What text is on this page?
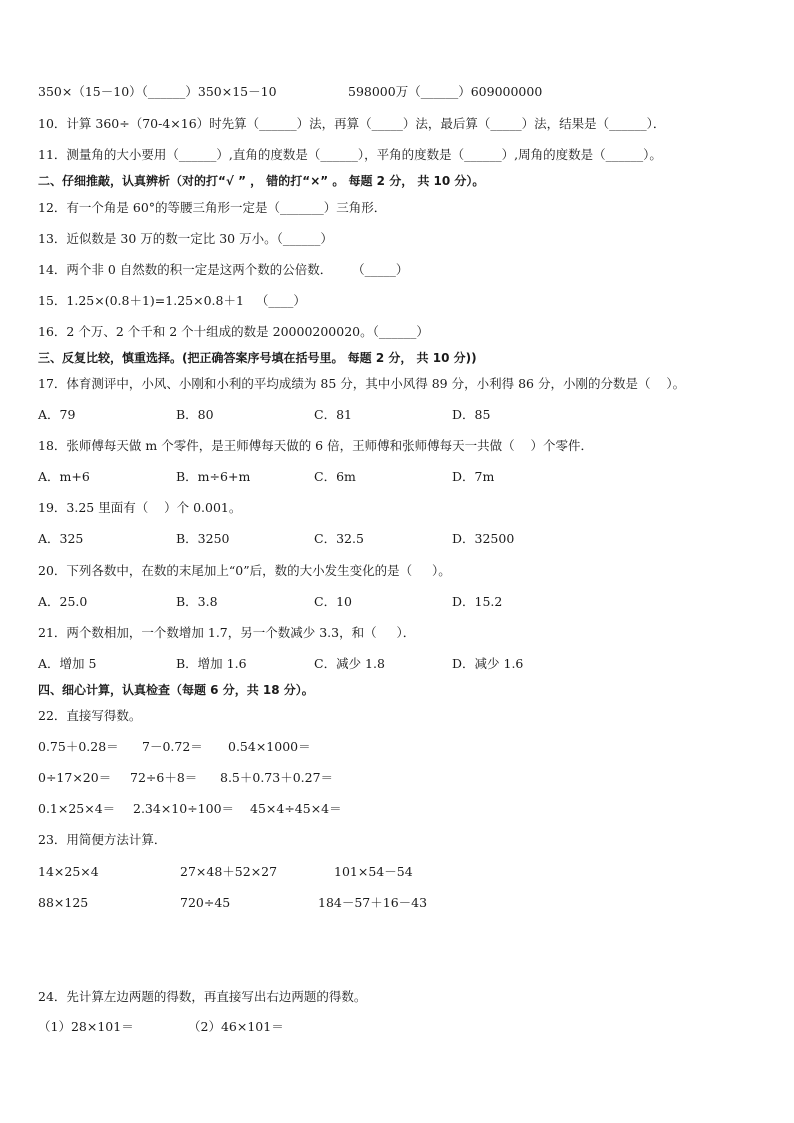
350×（15－10）（______）350×15－10	598000万（______）609000000
10．计算 360÷（70-4×16）时先算（______）法，再算（_____）法，最后算（_____）法，结果是（______）．
11．测量角的大小要用（______）,直角的度数是（______），平角的度数是（______）,周角的度数是（______）。
二、仔细推敲，认真辨析（对的打“√ ” ， 错的打“×” 。 每题 2 分， 共 10 分）。
12．有一个角是 60°的等腰三角形一定是（_______）三角形．
13．近似数是 30 万的数一定比 30 万小。（______）
14．两个非 0 自然数的积一定是这两个数的公倍数．     （_____）
15．1.25×(0.8＋1)=1.25×0.8＋1   （____）
16．2 个万、2 个千和 2 个十组成的数是 20000200020。（______）
三、反复比较，慎重选择。(把正确答案序号填在括号里。 每题 2 分， 共 10 分))
17．体育测评中，小风、小刚和小利的平均成绩为 85 分，其中小风得 89 分，小利得 86 分，小刚的分数是（    ）。
A．79	B．80	C．81	D．85
18．张师傅每天做 m 个零件，是王师傅每天做的 6 倍，王师傅和张师傅每天一共做（    ）个零件．
A．m+6	B．m÷6+m	C．6m	D．7m
19．3.25 里面有（    ）个 0.001。
A．325	B．3250	C．32.5	D．32500
20．下列各数中，在数的末尾加上“0”后，数的大小发生变化的是（     ）。
A．25.0	B．3.8	C．10	D．15.2
21．两个数相加，一个数增加 1.7，另一个数减少 3.3，和（     ）．
A．增加 5	B．增加 1.6	C．减少 1.8	D．减少 1.6
四、细心计算，认真检查（每题 6 分，共 18 分）。
22．直接写得数。
0.75＋0.28＝ 7－0.72＝ 0.54×1000＝
0÷17×20＝ 72÷6＋8＝ 8.5＋0.73＋0.27＝
0.1×25×4＝ 2.34×10÷100＝ 45×4÷45×4＝
23．用简便方法计算．
14×25×4	27×48＋52×27	101×54－54
88×125	720÷45	184－57＋16－43
24．先计算左边两题的得数，再直接写出右边两题的得数。
（1）28×101＝	（2）46×101＝
